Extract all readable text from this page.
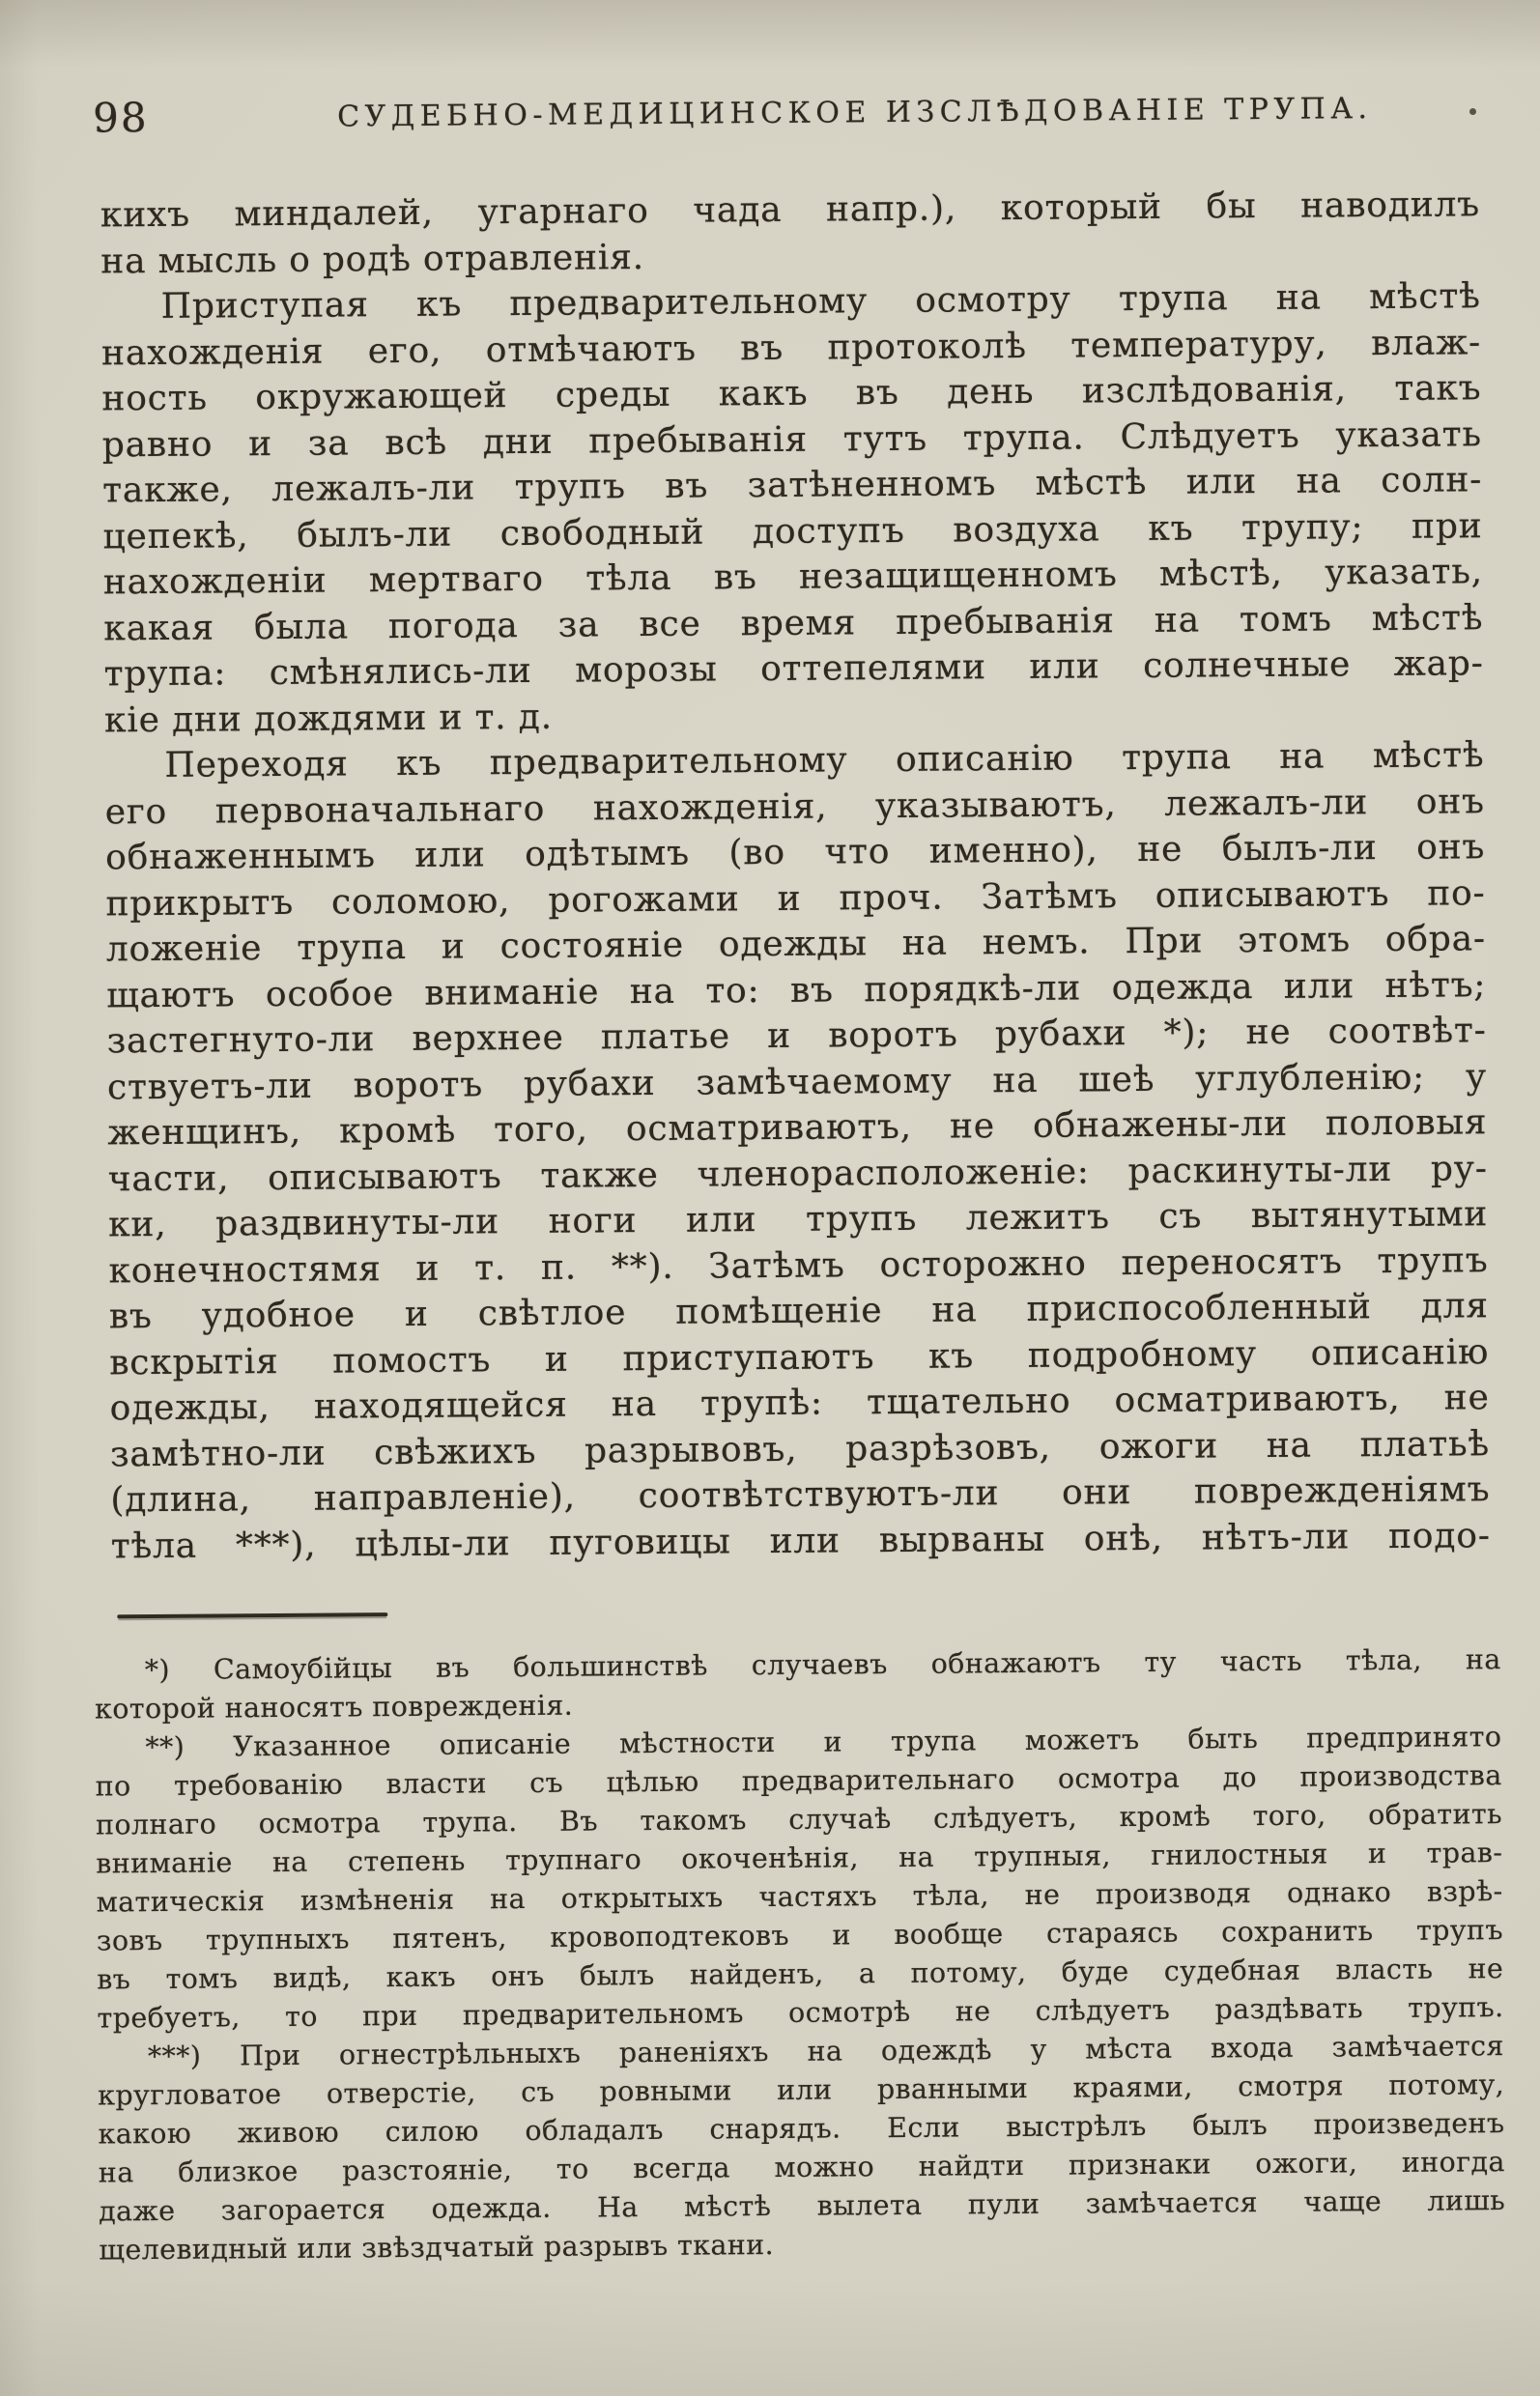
98	СУДЕБНО-МЕДИЦИНСКОЕ ИЗСЛѢДОВАНІЕ ТРУПА.
кихъ миндалей, угарнаго чада напр.), который бы наводилъ
на мысль о родѣ отравленія.
Приступая къ предварительному осмотру трупа на мѣстѣ
нахожденія его, отмѣчаютъ въ протоколѣ температуру, влаж-
ность окружающей среды какъ въ день изслѣдованія, такъ
равно и за всѣ дни пребыванія тутъ трупа. Слѣдуетъ указать
также, лежалъ-ли трупъ въ затѣненномъ мѣстѣ или на солн-
цепекѣ, былъ-ли свободный доступъ воздуха къ трупу; при
нахожденіи мертваго тѣла въ незащищенномъ мѣстѣ, указать,
какая была погода за все время пребыванія на томъ мѣстѣ
трупа: смѣнялись-ли морозы оттепелями или солнечные жар-
кіе дни дождями и т. д.
Переходя къ предварительному описанію трупа на мѣстѣ
его первоначальнаго нахожденія, указываютъ, лежалъ-ли онъ
обнаженнымъ или одѣтымъ (во что именно), не былъ-ли онъ
прикрытъ соломою, рогожами и проч. Затѣмъ описываютъ по-
ложеніе трупа и состояніе одежды на немъ. При этомъ обра-
щаютъ особое вниманіе на то: въ порядкѣ-ли одежда или нѣтъ;
застегнуто-ли верхнее платье и воротъ рубахи *); не соотвѣт-
ствуетъ-ли воротъ рубахи замѣчаемому на шеѣ углубленію; у
женщинъ, кромѣ того, осматриваютъ, не обнажены-ли половыя
части, описываютъ также членорасположеніе: раскинуты-ли ру-
ки, раздвинуты-ли ноги или трупъ лежитъ съ вытянутыми
конечностямя и т. п. **). Затѣмъ осторожно переносятъ трупъ
въ удобное и свѣтлое помѣщеніе на приспособленный для
вскрытія помостъ и приступаютъ къ подробному описанію
одежды, находящейся на трупѣ: тщательно осматриваютъ, не
замѣтно-ли свѣжихъ разрывовъ, разрѣзовъ, ожоги на платьѣ
(длина, направленіе), соотвѣтствуютъ-ли они поврежденіямъ
тѣла ***), цѣлы-ли пуговицы или вырваны онѣ, нѣтъ-ли подо-
*) Самоубійцы въ большинствѣ случаевъ обнажаютъ ту часть тѣла, на
которой наносятъ поврежденія.
**) Указанное описаніе мѣстности и трупа можетъ быть предпринято
по требованію власти съ цѣлью предварительнаго осмотра до производства
полнаго осмотра трупа. Въ такомъ случаѣ слѣдуетъ, кромѣ того, обратить
вниманіе на степень трупнаго окоченѣнія, на трупныя, гнилостныя и трав-
матическія измѣненія на открытыхъ частяхъ тѣла, не производя однако взрѣ-
зовъ трупныхъ пятенъ, кровоподтековъ и вообще стараясь сохранить трупъ
въ томъ видѣ, какъ онъ былъ найденъ, а потому, буде судебная власть не
требуетъ, то при предварительномъ осмотрѣ не слѣдуетъ раздѣвать трупъ.
***) При огнестрѣльныхъ раненіяхъ на одеждѣ у мѣста входа замѣчается
кругловатое отверстіе, съ ровными или рванными краями, смотря потому,
какою живою силою обладалъ снарядъ. Если выстрѣлъ былъ произведенъ
на близкое разстояніе, то всегда можно найдти признаки ожоги, иногда
даже загорается одежда. На мѣстѣ вылета пули замѣчается чаще лишь
щелевидный или звѣздчатый разрывъ ткани.
